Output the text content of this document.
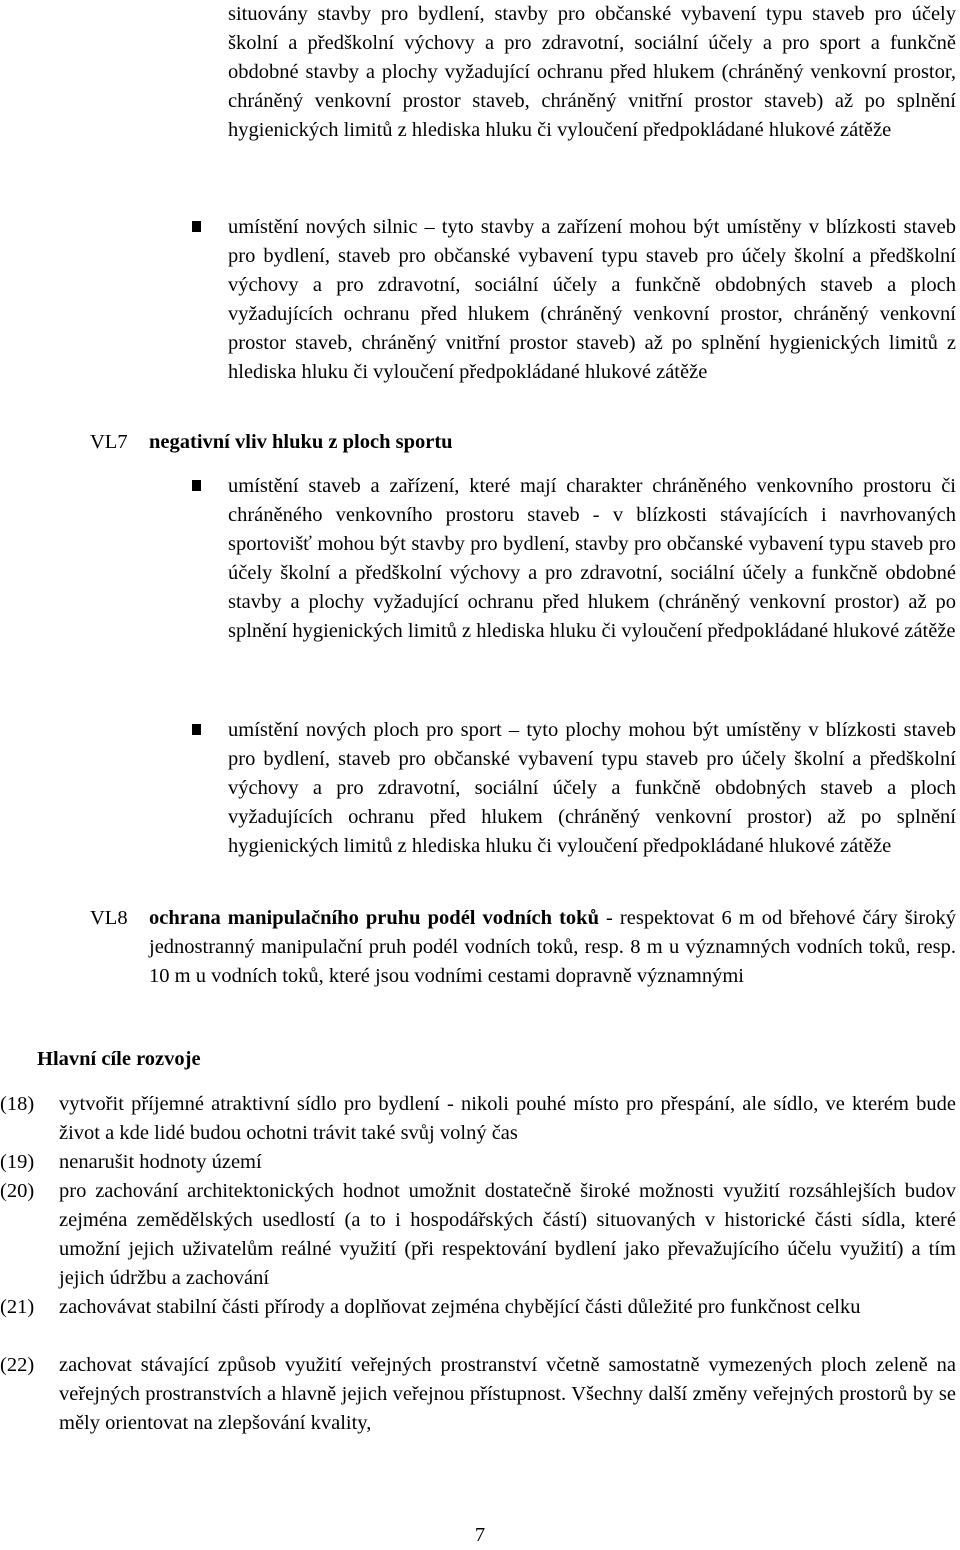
situovány stavby pro bydlení, stavby pro občanské vybavení typu staveb pro účely školní a předškolní výchovy a pro zdravotní, sociální účely a pro sport a funkčně obdobné stavby a plochy vyžadující ochranu před hlukem (chráněný venkovní prostor, chráněný venkovní prostor staveb, chráněný vnitřní prostor staveb) až po splnění hygienických limitů z hlediska hluku či vyloučení předpokládané hlukové zátěže
umístění nových silnic – tyto stavby a zařízení mohou být umístěny v blízkosti staveb pro bydlení, staveb pro občanské vybavení typu staveb pro účely školní a předškolní výchovy a pro zdravotní, sociální účely a funkčně obdobných staveb a ploch vyžadujících ochranu před hlukem (chráněný venkovní prostor, chráněný venkovní prostor staveb, chráněný vnitřní prostor staveb) až po splnění hygienických limitů z hlediska hluku či vyloučení předpokládané hlukové zátěže
VL7	negativní vliv hluku z ploch sportu
umístění staveb a zařízení, které mají charakter chráněného venkovního prostoru či chráněného venkovního prostoru staveb - v blízkosti stávajících i navrhovaných sportovišť mohou být stavby pro bydlení, stavby pro občanské vybavení typu staveb pro účely školní a předškolní výchovy a pro zdravotní, sociální účely a funkčně obdobné stavby a plochy vyžadující ochranu před hlukem (chráněný venkovní prostor) až po splnění hygienických limitů z hlediska hluku či vyloučení předpokládané hlukové zátěže
umístění nových ploch pro sport – tyto plochy mohou být umístěny v blízkosti staveb pro bydlení, staveb pro občanské vybavení typu staveb pro účely školní a předškolní výchovy a pro zdravotní, sociální účely a funkčně obdobných staveb a ploch vyžadujících ochranu před hlukem (chráněný venkovní prostor) až po splnění hygienických limitů z hlediska hluku či vyloučení předpokládané hlukové zátěže
VL8	ochrana manipulačního pruhu podél vodních toků - respektovat 6 m od břehové čáry široký jednostranný manipulační pruh podél vodních toků, resp. 8 m u významných vodních toků, resp. 10 m u vodních toků, které jsou vodními cestami dopravně významnými
Hlavní cíle rozvoje
(18)	vytvořit příjemné atraktivní sídlo pro bydlení - nikoli pouhé místo pro přespání, ale sídlo, ve kterém bude život a kde lidé budou ochotni trávit také svůj volný čas
(19)	nenarušit hodnoty území
(20)	pro zachování architektonických hodnot umožnit dostatečně široké možnosti využití rozsáhlejších budov zejména zemědělských usedlostí (a to i hospodářských částí) situovaných v historické části sídla, které umožní jejich uživatelům reálné využití (při respektování bydlení jako převažujícího účelu využití) a tím jejich údržbu a zachování
(21)	zachovávat stabilní části přírody a doplňovat zejména chybějící části důležité pro funkčnost celku
(22)	zachovat stávající způsob využití veřejných prostranství včetně samostatně vymezených ploch zeleně na veřejných prostranstvích a hlavně jejich veřejnou přístupnost. Všechny další změny veřejných prostorů by se měly orientovat na zlepšování kvality,
7
